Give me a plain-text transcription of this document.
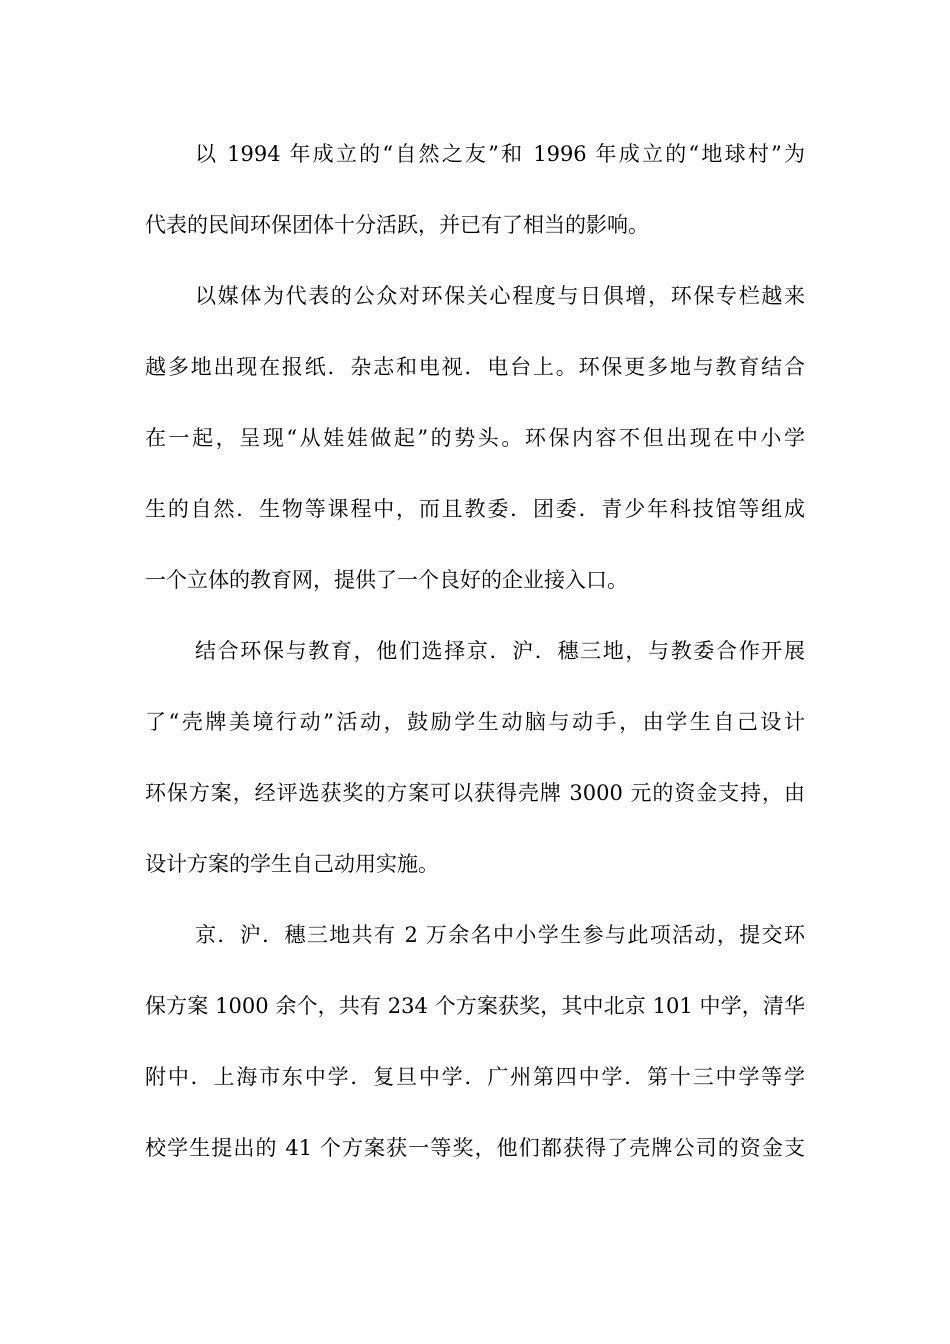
以 1994 年成立的“自然之友”和 1996 年成立的“地球村”为
代表的民间环保团体十分活跃，并已有了相当的影响。
以媒体为代表的公众对环保关心程度与日俱增，环保专栏越来
越多地出现在报纸．杂志和电视．电台上。环保更多地与教育结合
在一起，呈现“从娃娃做起”的势头。环保内容不但出现在中小学
生的自然．生物等课程中，而且教委．团委．青少年科技馆等组成
一个立体的教育网，提供了一个良好的企业接入口。
结合环保与教育，他们选择京．沪．穗三地，与教委合作开展
了“壳牌美境行动”活动，鼓励学生动脑与动手，由学生自己设计
环保方案，经评选获奖的方案可以获得壳牌 3000 元的资金支持，由
设计方案的学生自己动用实施。
京．沪．穗三地共有 2 万余名中小学生参与此项活动，提交环
保方案 1000 余个，共有 234 个方案获奖，其中北京 101 中学，清华
附中．上海市东中学．复旦中学．广州第四中学．第十三中学等学
校学生提出的 41 个方案获一等奖，他们都获得了壳牌公司的资金支
